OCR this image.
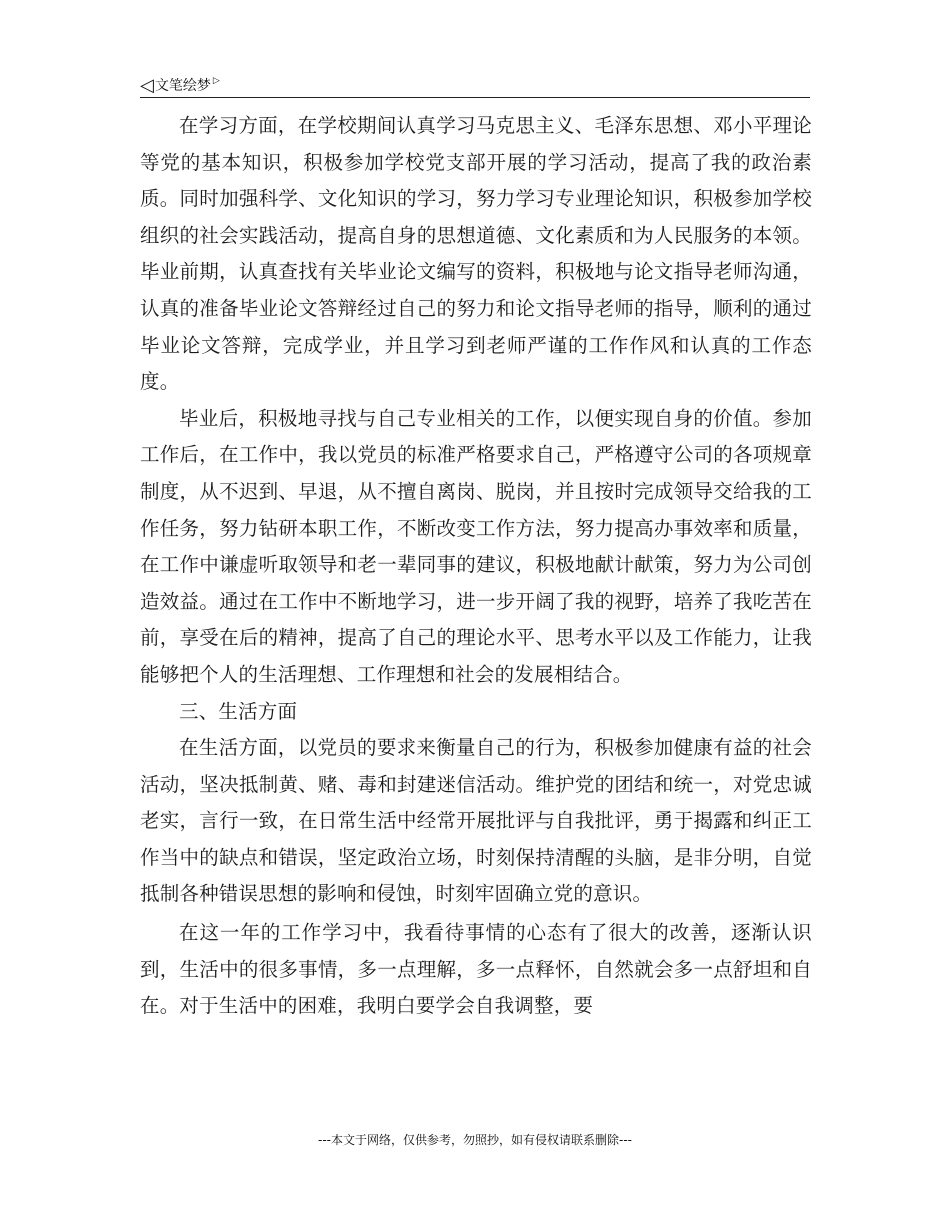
◁ 文笔绘梦 ▷

在学习方面，在学校期间认真学习马克思主义、毛泽东思想、邓小平理论等党的基本知识，积极参加学校党支部开展的学习活动，提高了我的政治素质。同时加强科学、文化知识的学习，努力学习专业理论知识，积极参加学校组织的社会实践活动，提高自身的思想道德、文化素质和为人民服务的本领。毕业前期，认真查找有关毕业论文编写的资料，积极地与论文指导老师沟通，认真的准备毕业论文答辩经过自己的努力和论文指导老师的指导，顺利的通过毕业论文答辩，完成学业，并且学习到老师严谨的工作作风和认真的工作态度。

毕业后，积极地寻找与自己专业相关的工作，以便实现自身的价值。参加工作后，在工作中，我以党员的标准严格要求自己，严格遵守公司的各项规章制度，从不迟到、早退，从不擅自离岗、脱岗，并且按时完成领导交给我的工作任务，努力钻研本职工作，不断改变工作方法，努力提高办事效率和质量，在工作中谦虚听取领导和老一辈同事的建议，积极地献计献策，努力为公司创造效益。通过在工作中不断地学习，进一步开阔了我的视野，培养了我吃苦在前，享受在后的精神，提高了自己的理论水平、思考水平以及工作能力，让我能够把个人的生活理想、工作理想和社会的发展相结合。

三、生活方面

在生活方面，以党员的要求来衡量自己的行为，积极参加健康有益的社会活动，坚决抵制黄、赌、毒和封建迷信活动。维护党的团结和统一，对党忠诚老实，言行一致，在日常生活中经常开展批评与自我批评，勇于揭露和纠正工作当中的缺点和错误，坚定政治立场，时刻保持清醒的头脑，是非分明，自觉抵制各种错误思想的影响和侵蚀，时刻牢固确立党的意识。

在这一年的工作学习中，我看待事情的心态有了很大的改善，逐渐认识到，生活中的很多事情，多一点理解，多一点释怀，自然就会多一点舒坦和自在。对于生活中的困难，我明白要学会自我调整，要

---本文于网络，仅供参考，勿照抄，如有侵权请联系删除---
